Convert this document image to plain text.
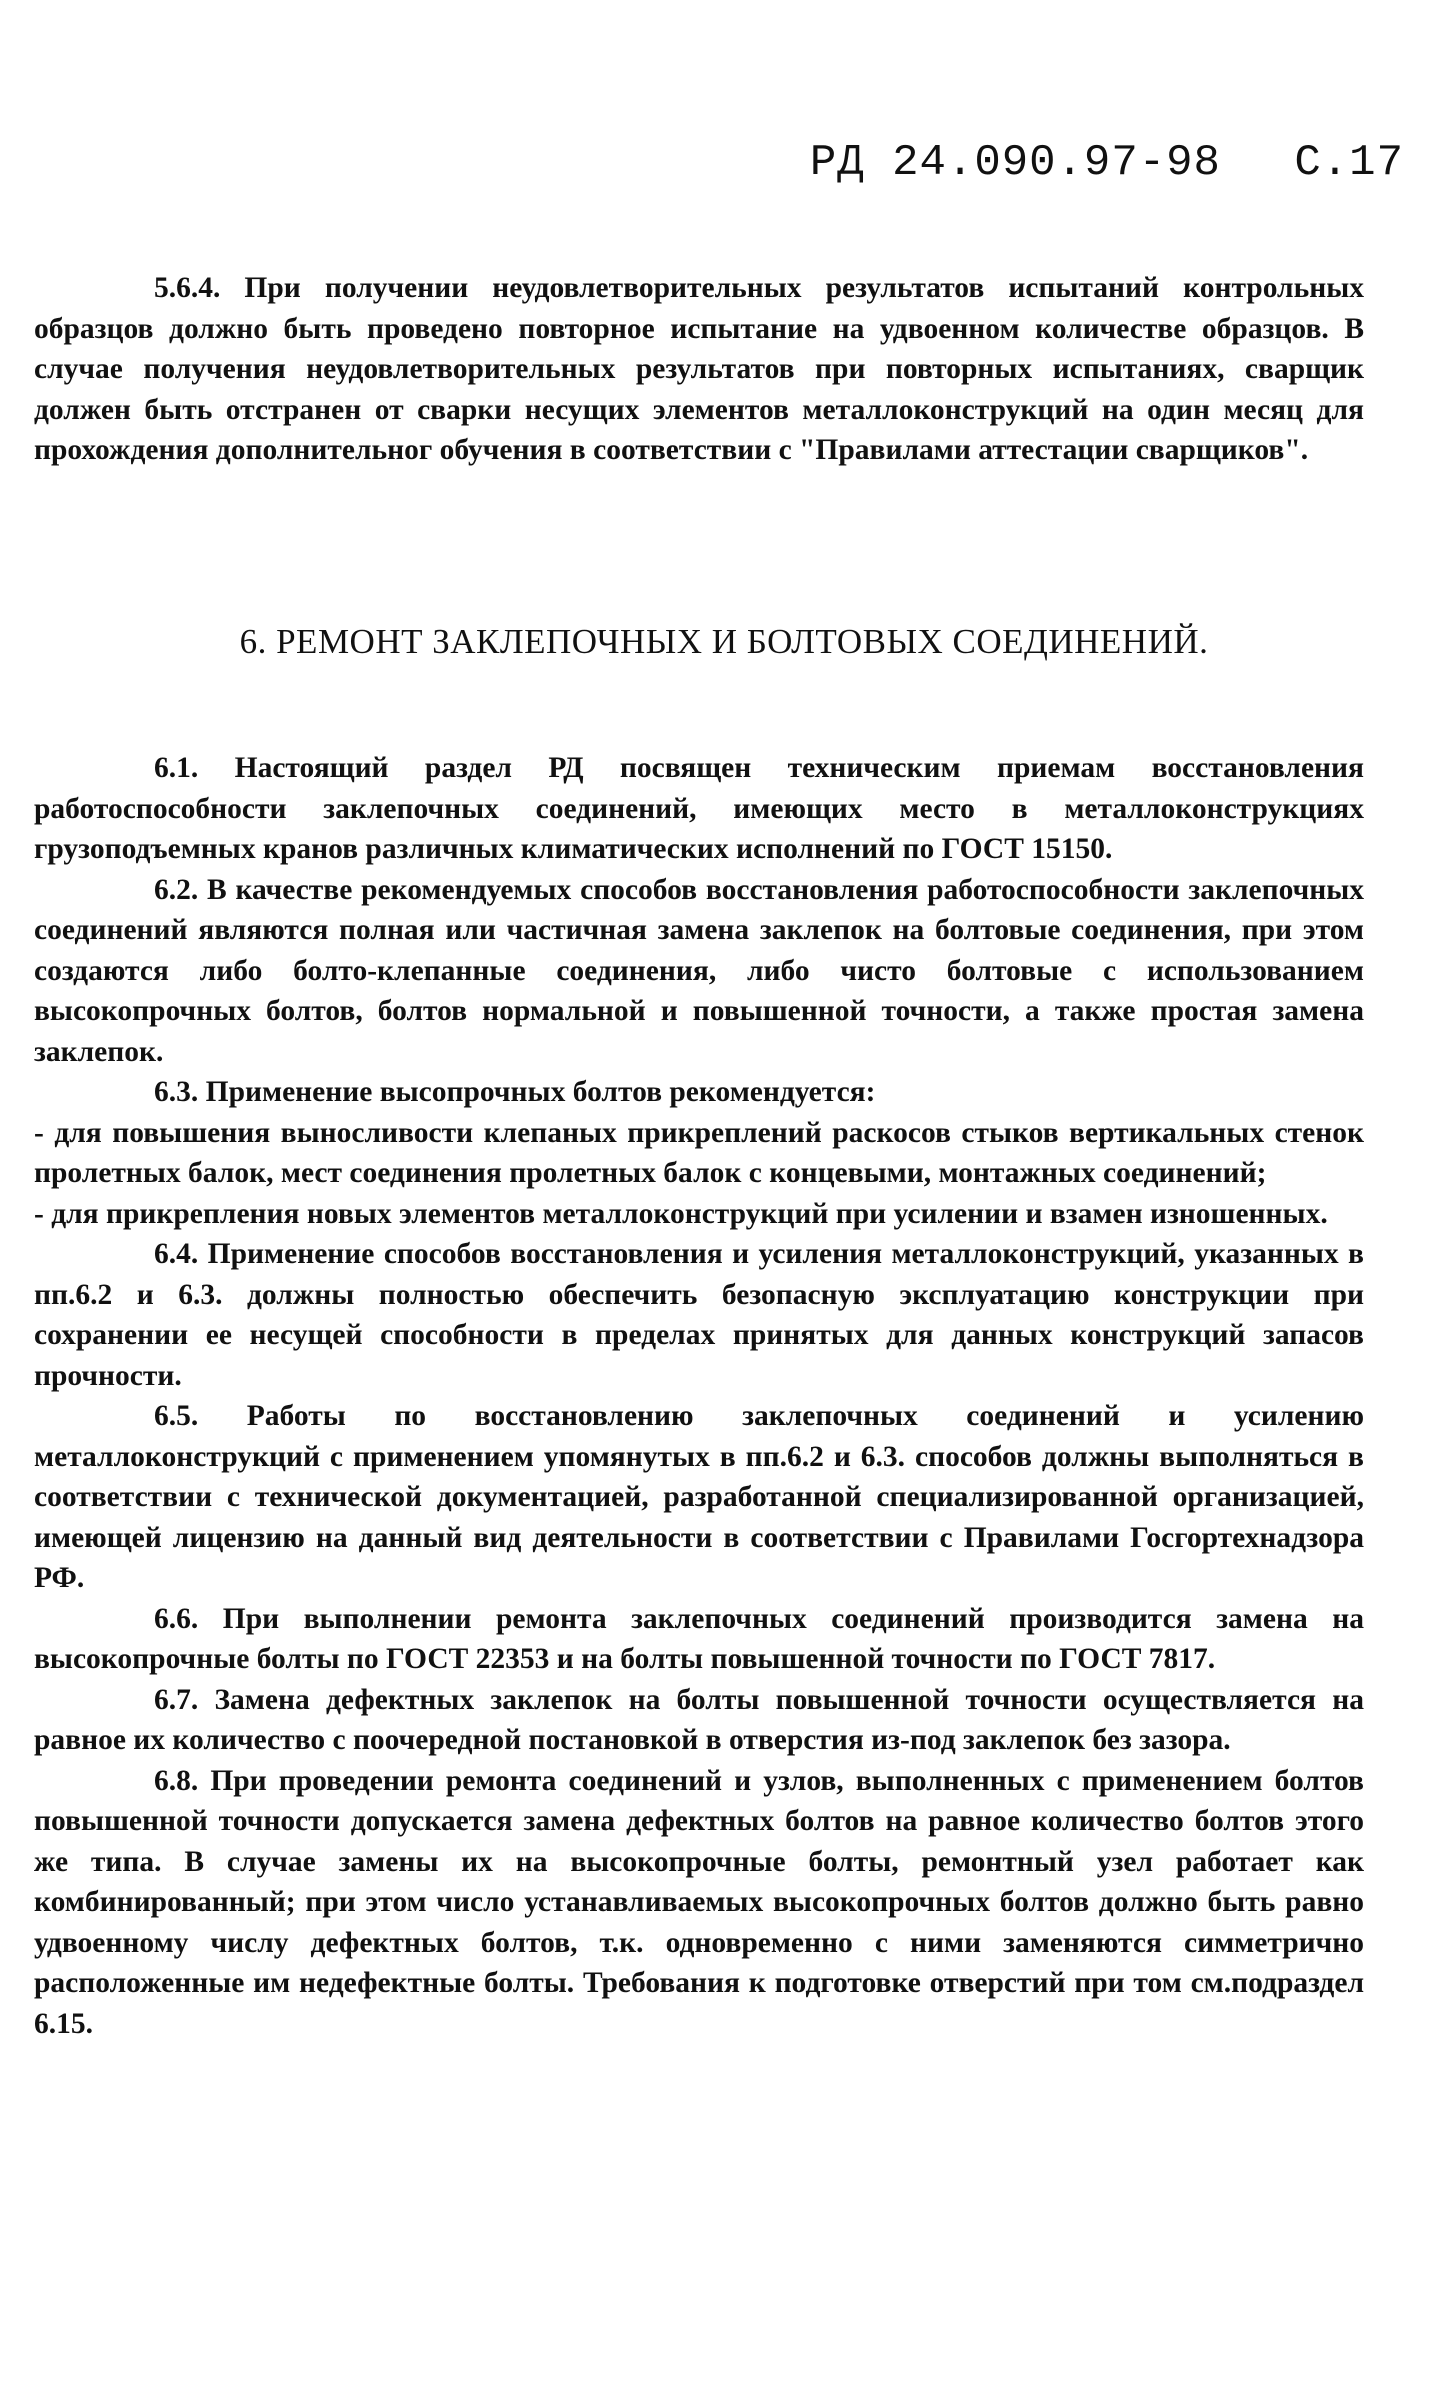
РД 24.090.97-98 С.17

5.6.4. При получении неудовлетворительных результатов испытаний контрольных образцов должно быть проведено повторное испытание на удвоенном количестве образцов. В случае получения неудовлетворительных результатов при повторных испытаниях, сварщик должен быть отстранен от сварки несущих элементов металлоконструкций на один месяц для прохождения дополнительног обучения в соответствии с "Правилами аттестации сварщиков".

6. РЕМОНТ ЗАКЛЕПОЧНЫХ И БОЛТОВЫХ СОЕДИНЕНИЙ.

6.1. Настоящий раздел РД посвящен техническим приемам восстановления работоспособности заклепочных соединений, имеющих место в металлоконструкциях грузоподъемных кранов различных климатических исполнений по ГОСТ 15150.

6.2. В качестве рекомендуемых способов восстановления работоспособности заклепочных соединений являются полная или частичная замена заклепок на болтовые соединения, при этом создаются либо болто-клепанные соединения, либо чисто болтовые с использованием высокопрочных болтов, болтов нормальной и повышенной точности, а также простая замена заклепок.

6.3. Применение высопрочных болтов рекомендуется:

- для повышения выносливости клепаных прикреплений раскосов стыков вертикальных стенок пролетных балок, мест соединения пролетных балок с концевыми, монтажных соединений;

- для прикрепления новых элементов металлоконструкций при усилении и взамен изношенных.

6.4. Применение способов восстановления и усиления металлоконструкций, указанных в пп.6.2 и 6.3. должны полностью обеспечить безопасную эксплуатацию конструкции при сохранении ее несущей способности в пределах принятых для данных конструкций запасов прочности.

6.5. Работы по восстановлению заклепочных соединений и усилению металлоконструкций с применением упомянутых в пп.6.2 и 6.3. способов должны выполняться в соответствии с технической документацией, разработанной специализированной организацией, имеющей лицензию на данный вид деятельности в соответствии с Правилами Госгортехнадзора РФ.

6.6. При выполнении ремонта заклепочных соединений производится замена на высокопрочные болты по ГОСТ 22353 и на болты повышенной точности по ГОСТ 7817.

6.7. Замена дефектных заклепок на болты повышенной точности осуществляется на равное их количество с поочередной постановкой в отверстия из-под заклепок без зазора.

6.8. При проведении ремонта соединений и узлов, выполненных с применением болтов повышенной точности допускается замена дефектных болтов на равное количество болтов этого же типа. В случае замены их на высокопрочные болты, ремонтный узел работает как комбинированный; при этом число устанавливаемых высокопрочных болтов должно быть равно удвоенному числу дефектных болтов, т.к. одновременно с ними заменяются симметрично расположенные им недефектные болты. Требования к подготовке отверстий при том см.подраздел 6.15.
